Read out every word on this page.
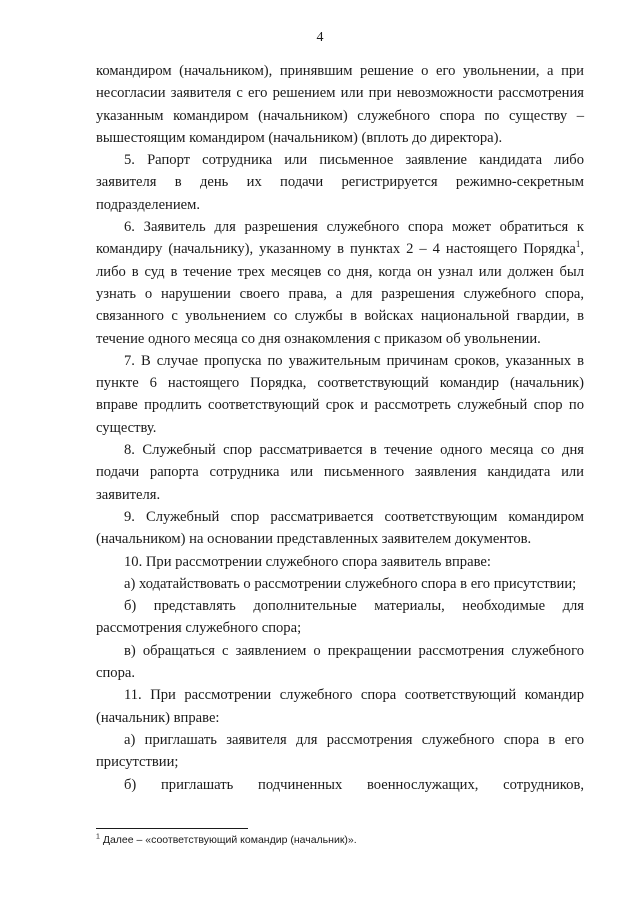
4

командиром (начальником), принявшим решение о его увольнении, а при несогласии заявителя с его решением или при невозможности рассмотрения указанным командиром (начальником) служебного спора по существу – вышестоящим командиром (начальником) (вплоть до директора).

5. Рапорт сотрудника или письменное заявление кандидата либо заявителя в день их подачи регистрируется режимно-секретным подразделением.

6. Заявитель для разрешения служебного спора может обратиться к командиру (начальнику), указанному в пунктах 2 – 4 настоящего Порядка$^1$, либо в суд в течение трех месяцев со дня, когда он узнал или должен был узнать о нарушении своего права, а для разрешения служебного спора, связанного с увольнением со службы в войсках национальной гвардии, в течение одного месяца со дня ознакомления с приказом об увольнении.

7. В случае пропуска по уважительным причинам сроков, указанных в пункте 6 настоящего Порядка, соответствующий командир (начальник) вправе продлить соответствующий срок и рассмотреть служебный спор по существу.

8. Служебный спор рассматривается в течение одного месяца со дня подачи рапорта сотрудника или письменного заявления кандидата или заявителя.

9. Служебный спор рассматривается соответствующим командиром (начальником) на основании представленных заявителем документов.

10. При рассмотрении служебного спора заявитель вправе:

а) ходатайствовать о рассмотрении служебного спора в его присутствии;

б) представлять дополнительные материалы, необходимые для рассмотрения служебного спора;

в) обращаться с заявлением о прекращении рассмотрения служебного спора.

11. При рассмотрении служебного спора соответствующий командир (начальник) вправе:

а) приглашать заявителя для рассмотрения служебного спора в его присутствии;

б) приглашать подчиненных военнослужащих, сотрудников,

$^1$ Далее – «соответствующий командир (начальник)».
